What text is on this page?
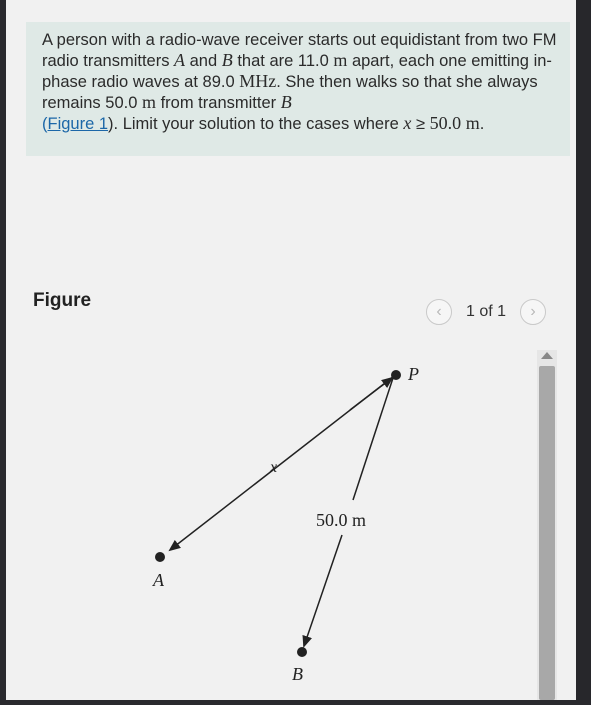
A person with a radio-wave receiver starts out equidistant from two FM radio transmitters A and B that are 11.0 m apart, each one emitting in-phase radio waves at 89.0 MHz. She then walks so that she always remains 50.0 m from transmitter B
(Figure 1). Limit your solution to the cases where x ≥ 50.0 m.
Figure
‹ 1 of 1 ›
P
A
B
x
50.0 m
